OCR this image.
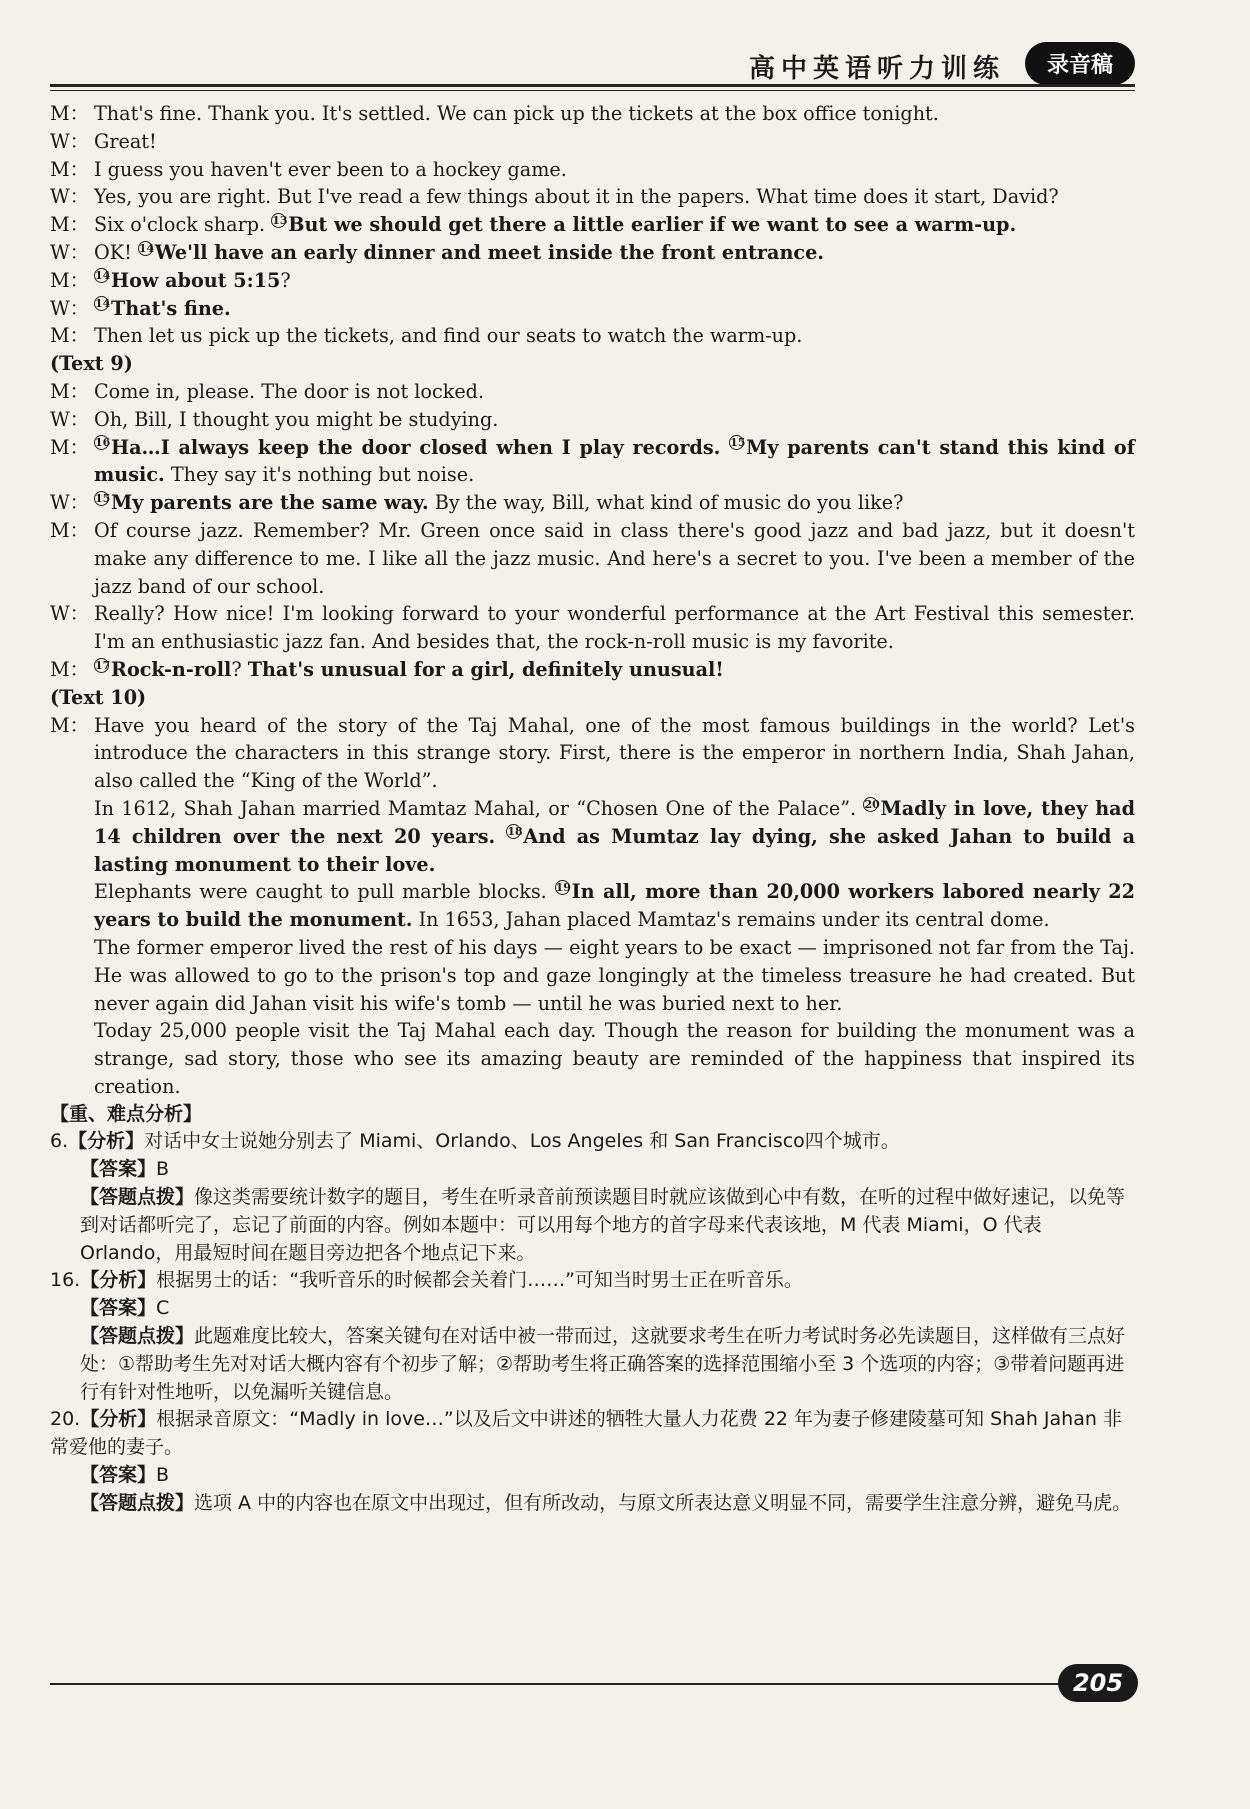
高中英语听力训练	录音稿
M： That's fine. Thank you. It's settled. We can pick up the tickets at the box office tonight.
W： Great!
M： I guess you haven't ever been to a hockey game.
W： Yes, you are right. But I've read a few things about it in the papers. What time does it start, David?
M： Six o'clock sharp. 13But we should get there a little earlier if we want to see a warm-up.
W： OK! 14We'll have an early dinner and meet inside the front entrance.
M： 14How about 5:15?
W： 14That's fine.
M： Then let us pick up the tickets, and find our seats to watch the warm-up.
(Text 9)
M： Come in, please. The door is not locked.
W： Oh, Bill, I thought you might be studying.
M： 16Ha…I always keep the door closed when I play records. 15My parents can't stand this kind of music. They say it's nothing but noise.
W： 15My parents are the same way. By the way, Bill, what kind of music do you like?
M： Of course jazz. Remember? Mr. Green once said in class there's good jazz and bad jazz, but it doesn't make any difference to me. I like all the jazz music. And here's a secret to you. I've been a member of the jazz band of our school.
W： Really? How nice! I'm looking forward to your wonderful performance at the Art Festival this semester. I'm an enthusiastic jazz fan. And besides that, the rock-n-roll music is my favorite.
M： 17Rock-n-roll? That's unusual for a girl, definitely unusual!
(Text 10)
M： Have you heard of the story of the Taj Mahal, one of the most famous buildings in the world? Let's introduce the characters in this strange story. First, there is the emperor in northern India, Shah Jahan, also called the “King of the World”.
In 1612, Shah Jahan married Mamtaz Mahal, or “Chosen One of the Palace”. 20Madly in love, they had 14 children over the next 20 years. 18And as Mumtaz lay dying, she asked Jahan to build a lasting monument to their love.
Elephants were caught to pull marble blocks. 19In all, more than 20,000 workers labored nearly 22 years to build the monument. In 1653, Jahan placed Mamtaz's remains under its central dome.
The former emperor lived the rest of his days — eight years to be exact — imprisoned not far from the Taj. He was allowed to go to the prison's top and gaze longingly at the timeless treasure he had created. But never again did Jahan visit his wife's tomb — until he was buried next to her.
Today 25,000 people visit the Taj Mahal each day. Though the reason for building the monument was a strange, sad story, those who see its amazing beauty are reminded of the happiness that inspired its creation.
【重、难点分析】
6.【分析】对话中女士说她分别去了 Miami、Orlando、Los Angeles 和 San Francisco四个城市。
【答案】B
【答题点拨】像这类需要统计数字的题目，考生在听录音前预读题目时就应该做到心中有数，在听的过程中做好速记，以免等到对话都听完了，忘记了前面的内容。例如本题中：可以用每个地方的首字母来代表该地，M 代表 Miami，O 代表 Orlando，用最短时间在题目旁边把各个地点记下来。
16.【分析】根据男士的话：“我听音乐的时候都会关着门……”可知当时男士正在听音乐。
【答案】C
【答题点拨】此题难度比较大，答案关键句在对话中被一带而过，这就要求考生在听力考试时务必先读题目，这样做有三点好处：①帮助考生先对对话大概内容有个初步了解；②帮助考生将正确答案的选择范围缩小至 3 个选项的内容；③带着问题再进行有针对性地听，以免漏听关键信息。
20.【分析】根据录音原文：“Madly in love…”以及后文中讲述的牺牲大量人力花费 22 年为妻子修建陵墓可知 Shah Jahan 非常爱他的妻子。
【答案】B
【答题点拨】选项 A 中的内容也在原文中出现过，但有所改动，与原文所表达意义明显不同，需要学生注意分辨，避免马虎。
205
